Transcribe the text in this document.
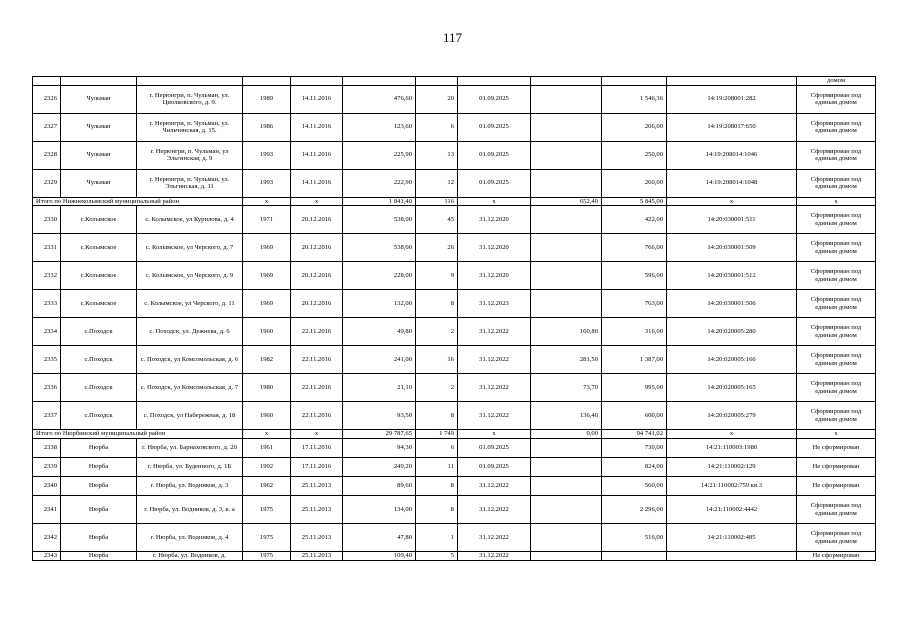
117
											домом
2326	Чульман	г. Нерюнгри, п. Чульман, ул. Циолковского, д. 9.	1989	14.11.2016	476,60	20	01.09.2025		1 546,36	14:19:208001:282	Сформирован под единым домом
2327	Чульман	г. Нерюнгри, п. Чульман, ул. Чильчинская, д. 15.	1986	14.11.2016	123,60	6	01.09.2025		206,00	14:19:208017:650	Сформирован под единым домом
2328	Чульман	г. Нерюнгри, п. Чульман, ул Эльгинская, д. 9	1993	14.11.2016	225,90	13	01.09.2025		250,00	14:19:208014:1046	Сформирован под единым домом
2329	Чульман	г. Нерюнгри, п. Чульман, ул. Эльгинская, д. 11	1993	14.11.2016	222,90	12	01.09.2025		260,00	14:19:208014:1048	Сформирован под единым домом
Итого по Нижнеколымский муниципальный район			x	x	1 841,40	116	x	652,40	5 845,00	x	x
2330	с.Колымское	с. Колымское, ул Курилова, д. 4	1971	20.12.2016	538,00	45	31.12.2020		422,00	14:20:030001:511	Сформирован под единым домом
2331	с.Колымское	с. Колымское, ул Черского, д. 7	1969	20.12.2016	538,00	26	31.12.2020		766,00	14:20:030001:509	Сформирован под единым домом
2332	с.Колымское	с. Колымское, ул Черского, д. 9	1969	20.12.2016	228,00	9	31.12.2020		596,00	14:20:030001:512	Сформирован под единым домом
2333	с.Колымское	с. Колымское, ул Черского, д. 11	1969	20.12.2016	132,00	8	31.12.2023		763,00	14:20:030001:506	Сформирован под единым домом
2334	с.Походск	с. Походск, ул. Дежнева, д. 6	1960	22.11.2016	49,80	2	31.12.2022	160,80	316,00	14:20:020005:280	Сформирован под единым домом
2335	с.Походск	с. Походск, ул Комсомольская, д. 6	1982	22.11.2016	241,00	16	31.12.2022	281,50	1 387,00	14:20:020005:166	Сформирован под единым домом
2336	с.Походск	с. Походск, ул Комсомольская, д. 7	1980	22.11.2016	21,10	2	31.12.2022	73,70	995,00	14:20:020005:165	Сформирован под единым домом
2337	с.Походск	с. Походск, ул Набережная, д. 18	1960	22.11.2016	93,50	8	31.12.2022	136,40	600,00	14:20:020005:279	Сформирован под единым домом
Итого по Нюрбинский муниципальный район			x	x	29 787,65	1 749	x	0,00	94 741,02	x	x
2338	Нюрба	г. Нюрба, ул. Барнаховского, д. 20	1961	17.11.2016	94,30	6	01.09.2025		730,00	14:21:110003:1980	Не сформирован
2339	Нюрба	г. Нюрба, ул. Буденного, д. 1Б	1992	17.11.2016	249,20	11	01.09.2025		824,00	14:21:110002:129	Не сформирован
2340	Нюрба	г. Нюрба, ул. Водников, д. 3	1962	25.11.2013	89,60	8	31.12.2022		560,00	14:21:110002:759 кв.3	Не сформирован
2341	Нюрба	г. Нюрба, ул. Водников, д. 3, к. а	1975	25.11.2013	134,00	8	31.12.2022		2 296,00	14:21:110002:4442	Сформирован под единым домом
2342	Нюрба	г. Нюрба, ул. Водников, д. 4	1975	25.11.2013	47,80	1	31.12.2022		516,00	14:21:110002:485	Сформирован под единым домом
2343	Нюрба	г. Нюрба, ул. Водников, д.	1975	25.11.2013	109,40	5	31.12.2022				Не сформирован
